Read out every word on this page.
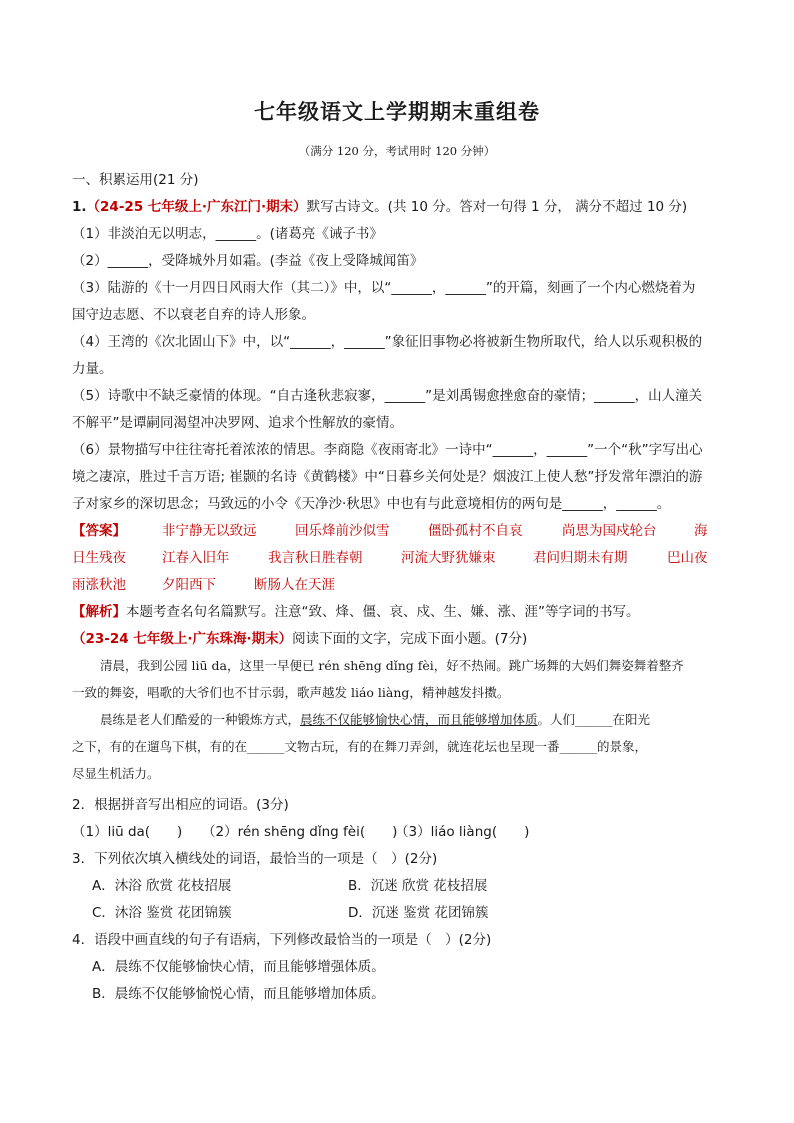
七年级语文上学期期末重组卷
（满分 120 分，考试用时 120 分钟）
一、积累运用(21 分)
1.（24-25 七年级上·广东江门·期末）默写古诗文。(共 10 分。答对一句得 1 分， 满分不超过 10 分)
（1）非淡泊无以明志，______。(诸葛亮《诫子书》
（2）______，受降城外月如霜。(李益《夜上受降城闻笛》
（3）陆游的《十一月四日风雨大作（其二）》中，以“______，______”的开篇，刻画了一个内心燃烧着为
国守边志愿、不以衰老自弃的诗人形象。
（4）王湾的《次北固山下》中，以“______，______”象征旧事物必将被新生物所取代，给人以乐观积极的
力量。
（5）诗歌中不缺乏豪情的体现。“自古逢秋悲寂寥，______”是刘禹锡愈挫愈奋的豪情；______，山人潼关
不解平”是谭嗣同渴望冲决罗网、追求个性解放的豪情。
（6）景物描写中往往寄托着浓浓的情思。李商隐《夜雨寄北》一诗中“______，______”一个“秋”字写出心
境之凄凉，胜过千言万语; 崔颢的名诗《黄鹤楼》中“日暮乡关何处是？烟波江上使人愁”抒发常年漂泊的游
子对家乡的深切思念；马致远的小令《天净沙·秋思》中也有与此意境相仿的两句是______，______。
【答案】	非宁静无以致远	回乐烽前沙似雪	僵卧孤村不自哀	尚思为国戍轮台	海
日生残夜	江春入旧年	我言秋日胜春朝	河流大野犹嫌束	君问归期未有期	巴山夜
雨涨秋池	夕阳西下	断肠人在天涯
【解析】本题考查名句名篇默写。注意“致、烽、僵、哀、戍、生、嫌、涨、涯”等字词的书写。
（23-24 七年级上·广东珠海·期末）阅读下面的文字，完成下面小题。(7分)
清晨，我到公园 liū da，这里一早便已 rén shēng dǐng fèi，好不热闹。跳广场舞的大妈们舞姿舞着整齐
一致的舞姿，唱歌的大爷们也不甘示弱，歌声越发 liáo liàng，精神越发抖擞。
晨练是老人们酷爱的一种锻炼方式，晨练不仅能够愉快心情，而且能够增加体质。人们______在阳光
之下，有的在遛鸟下棋，有的在______文物古玩，有的在舞刀弄剑，就连花坛也呈现一番______的景象，
尽显生机活力。
2．根据拼音写出相应的词语。(3分)
（1）liū da(　　) （2）rén shēng dǐng fèi(　　)
（3）liáo liàng(　　)
3．下列依次填入横线处的词语，最恰当的一项是（　）(2分)
A．沐浴 欣赏 花枝招展	B．沉迷 欣赏 花枝招展
C．沐浴 鉴赏 花团锦簇	D．沉迷 鉴赏 花团锦簇
4．语段中画直线的句子有语病，下列修改最恰当的一项是（　）(2分)
A．晨练不仅能够愉快心情，而且能够增强体质。
B．晨练不仅能够愉悦心情，而且能够增加体质。
